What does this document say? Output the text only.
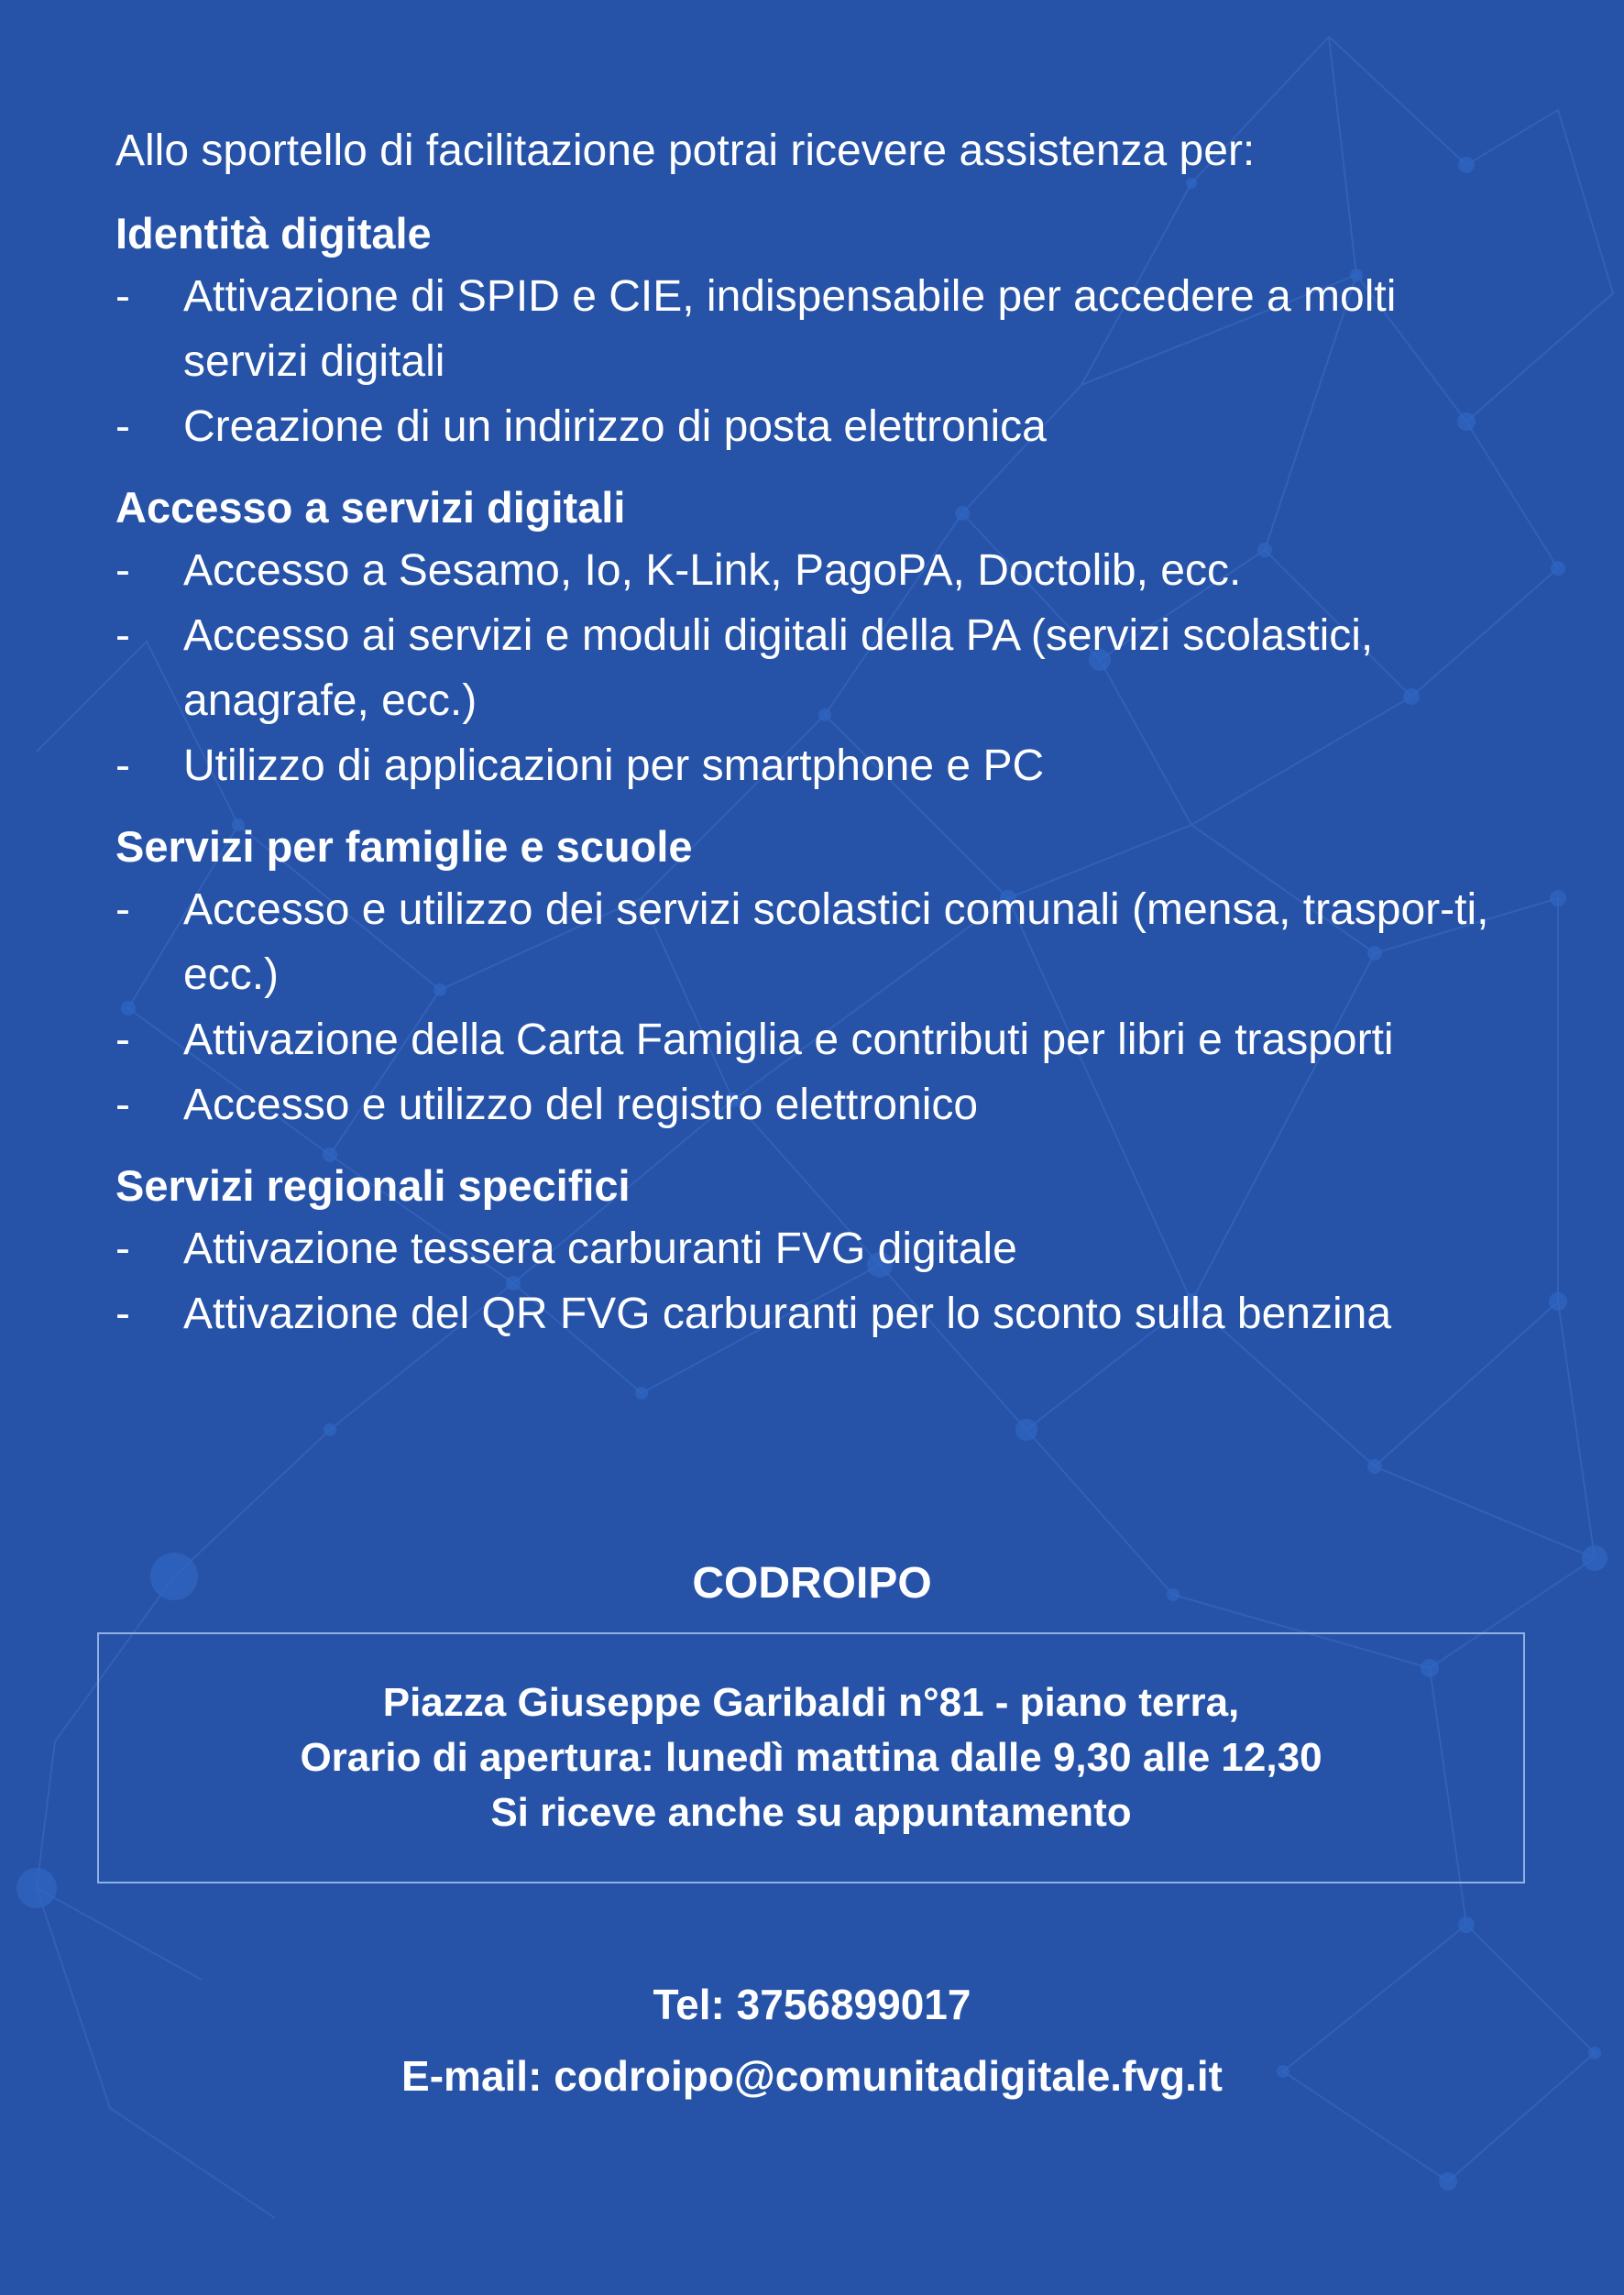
Allo sportello di facilitazione potrai ricevere assistenza per:

Identità digitale
-	Attivazione di SPID e CIE, indispensabile per accedere a molti servizi digitali
-	Creazione di un indirizzo di posta elettronica
Accesso a servizi digitali
-	Accesso a Sesamo, Io, K-Link, PagoPA, Doctolib, ecc.
-	Accesso ai servizi e moduli digitali della PA (servizi scolastici, anagrafe, ecc.)
-	Utilizzo di applicazioni per smartphone e PC
Servizi per famiglie e scuole
-	Accesso e utilizzo dei servizi scolastici comunali (mensa, traspor-ti, ecc.)
-	Attivazione della Carta Famiglia e contributi per libri e trasporti
-	Accesso e utilizzo del registro elettronico
Servizi regionali specifici
-	Attivazione tessera carburanti FVG digitale
-	Attivazione del QR FVG carburanti per lo sconto sulla benzina
CODROIPO
Piazza Giuseppe Garibaldi n°81 - piano terra,
Orario di apertura: lunedì mattina dalle 9,30 alle 12,30
Si riceve anche su appuntamento
Tel: 3756899017
E-mail: codroipo@comunitadigitale.fvg.it
